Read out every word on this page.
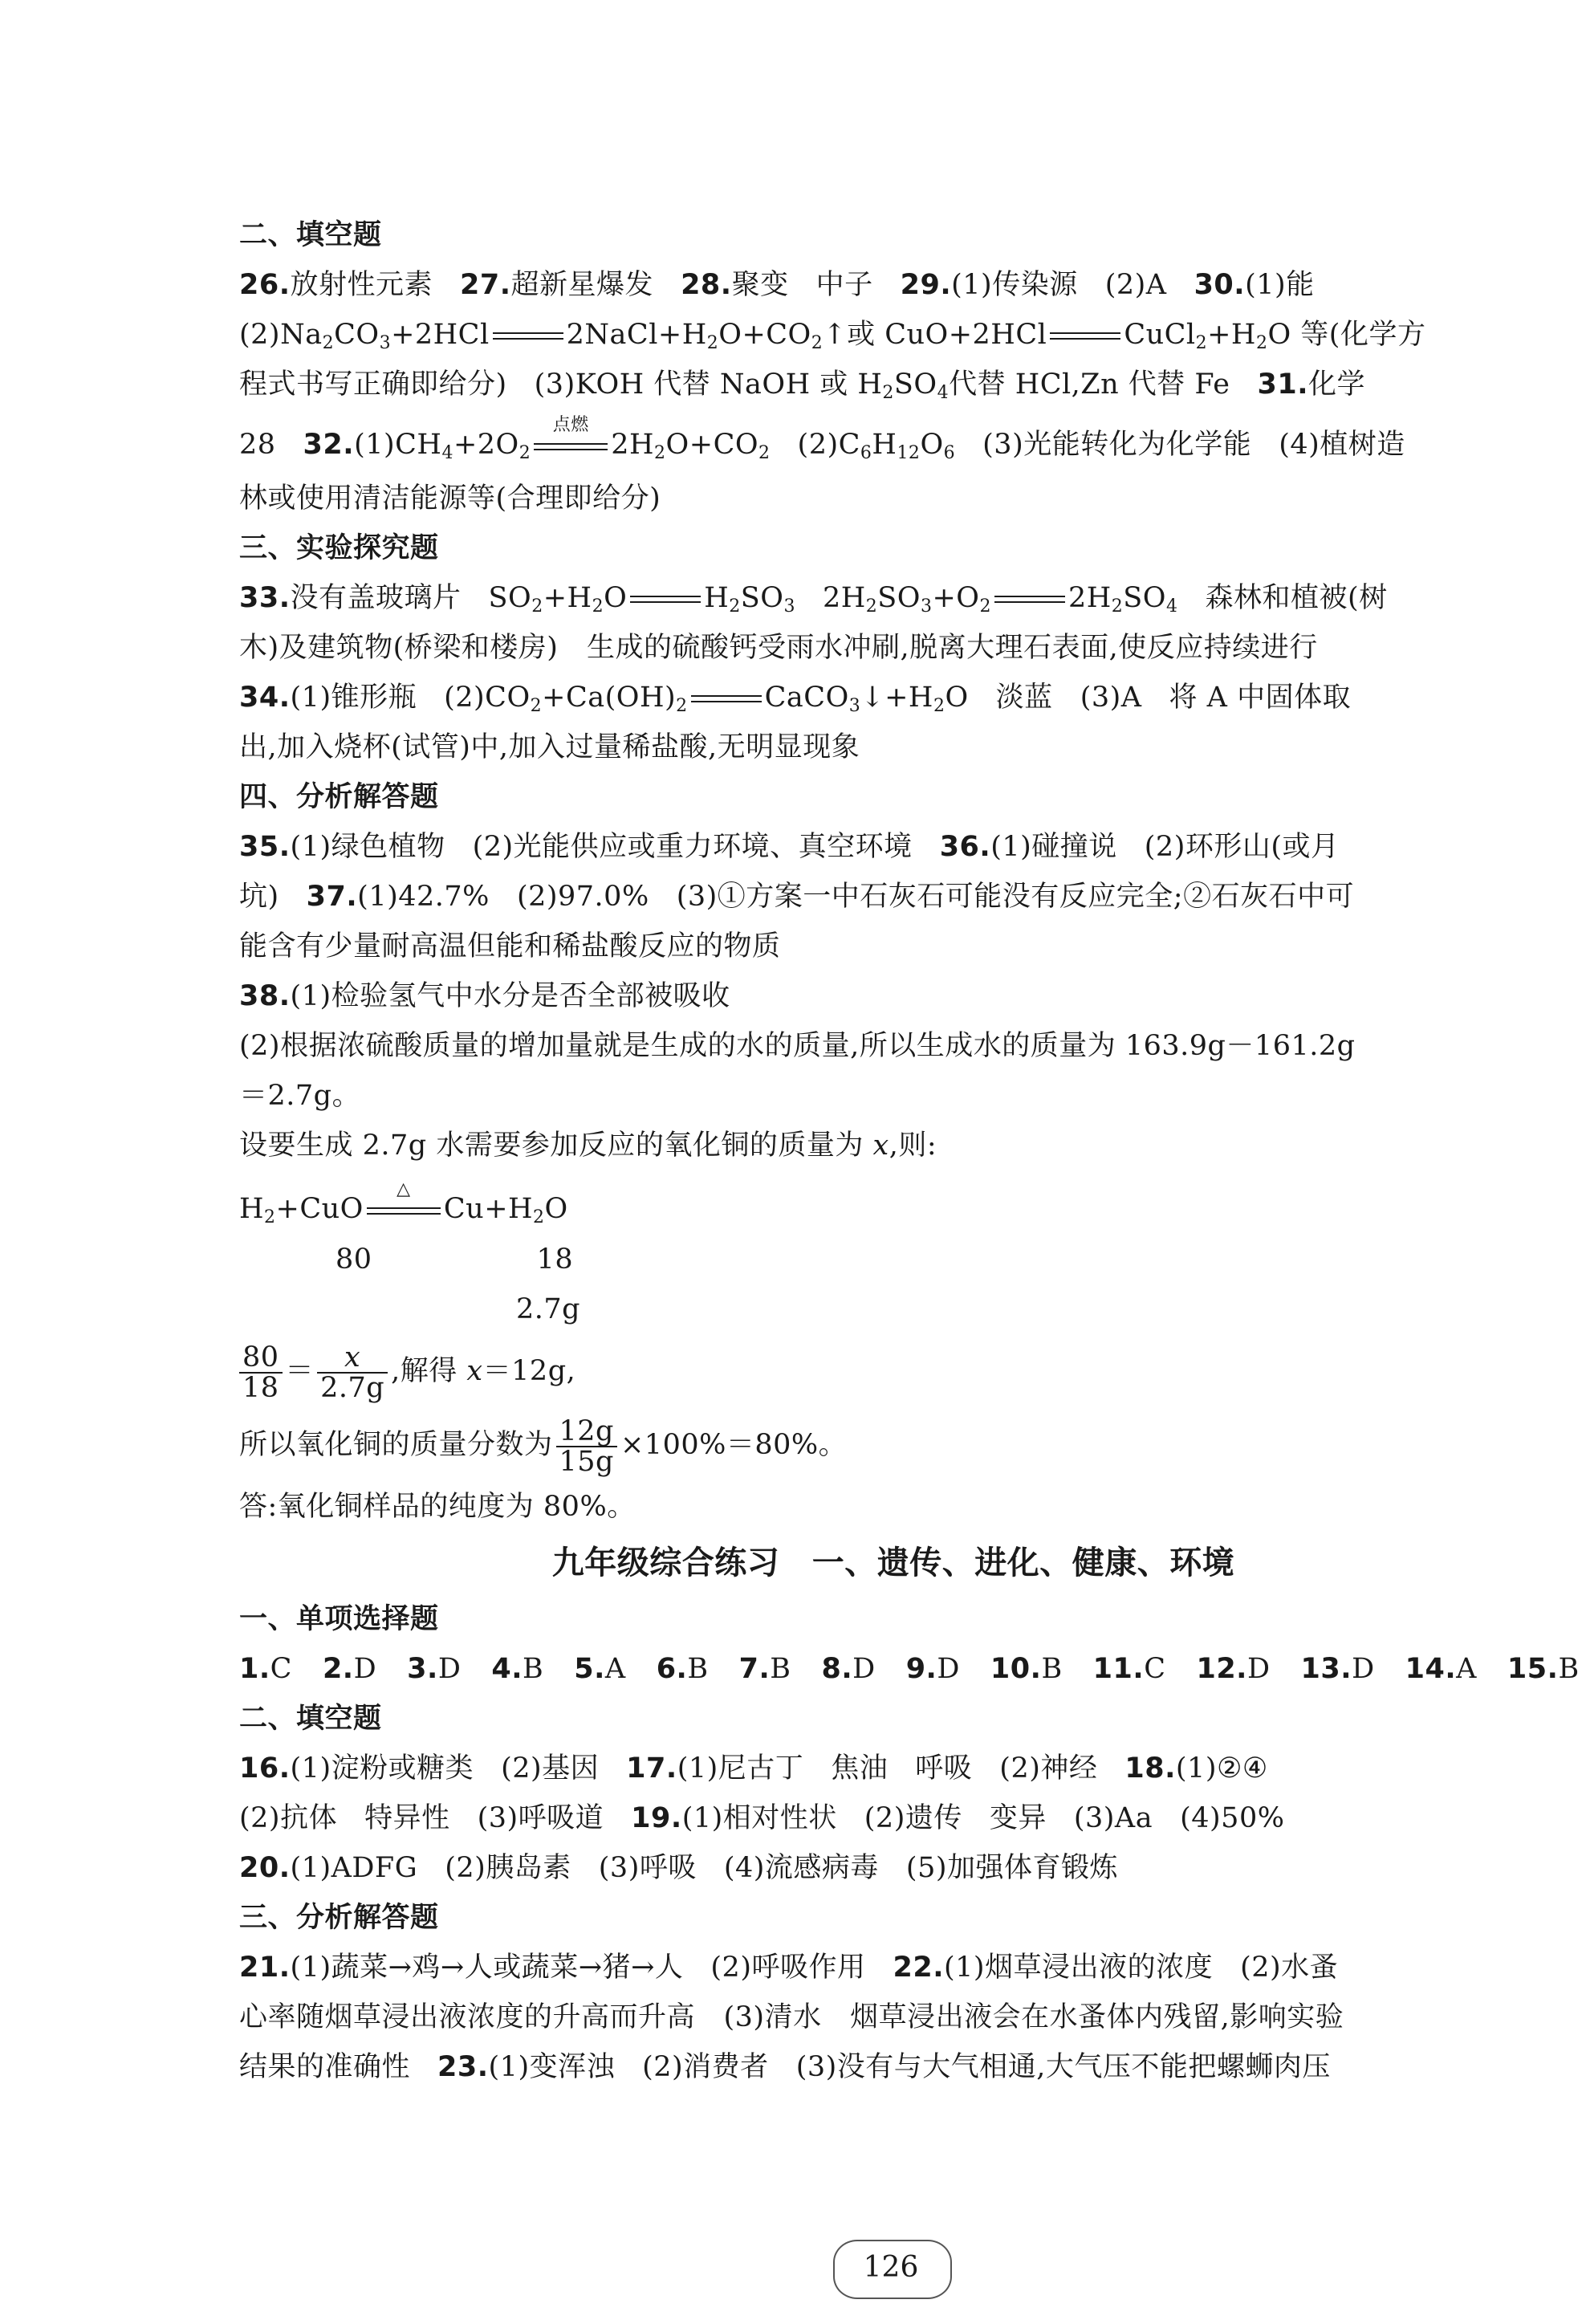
二、填空题
26.放射性元素 27.超新星爆发 28.聚变 中子 29.(1)传染源 (2)A 30.(1)能
$(2)Na_2CO_3+2HCl$	$2NaCl+H_2O+CO_2↑$或 CuO+2HCl	$CuCl_2+H_2O$ 等(化学方
程式书写正确即给分) (3)KOH 代替 NaOH 或 $H_2SO_4$代替 HCl,Zn 代替 Fe 31.化学
28 $32.(1)CH_4+2O_2$
点燃
$2H_2O+CO_2$ $(2)C_6H_{12}O_6$ (3)光能转化为化学能 (4)植树造
林或使用清洁能源等(合理即给分)
三、实验探究题
33.没有盖玻璃片 $SO_2+H_2O$	$H_2SO_3$ $2H_2SO_3+O_2$	$2H_2SO_4$ 森林和植被(树
木)及建筑物(桥梁和楼房)　生成的硫酸钙受雨水冲刷,脱离大理石表面,使反应持续进行
34.(1)锥形瓶 $(2)CO_2+Ca(OH)_2$	$CaCO_3↓+H_2O$ 淡蓝 (3)A 将 A 中固体取
出,加入烧杯(试管)中,加入过量稀盐酸,无明显现象
四、分析解答题
35.(1)绿色植物 (2)光能供应或重力环境、真空环境 36.(1)碰撞说 (2)环形山(或月
坑) 37.(1)42.7% (2)97.0% (3)①方案一中石灰石可能没有反应完全;②石灰石中可
能含有少量耐高温但能和稀盐酸反应的物质
38.(1)检验氢气中水分是否全部被吸收
(2)根据浓硫酸质量的增加量就是生成的水的质量,所以生成水的质量为 163.9g－161.2g
＝2.7g。
设要生成 2.7g 水需要参加反应的氧化铜的质量为 x,则:
$H_2+CuO$
△
$Cu+H_2O$
80	18
2.7g
$\frac{80}{18} = \frac{x}{2.7g}$ ,解得 x＝12g,
所以氧化铜的质量分数为 $\frac{12g}{15g} \times 100\%=80\%$。
答:氧化铜样品的纯度为 80%。
九年级综合练习　一、遗传、进化、健康、环境
一、单项选择题
1.C 2.D 3.D 4.B 5.A 6.B 7.B 8.D 9.D 10.B 11.C 12.D 13.D 14.A 15.B
二、填空题
16.(1)淀粉或糖类 (2)基因 17.(1)尼古丁 焦油 呼吸 (2)神经 18.(1)②④
(2)抗体 特异性 (3)呼吸道 19.(1)相对性状 (2)遗传 变异 (3)Aa (4)50%
20.(1)ADFG (2)胰岛素 (3)呼吸 (4)流感病毒 (5)加强体育锻炼
三、分析解答题
21.(1)蔬菜→鸡→人或蔬菜→猪→人 (2)呼吸作用 22.(1)烟草浸出液的浓度 (2)水蚤
心率随烟草浸出液浓度的升高而升高　(3)清水　烟草浸出液会在水蚤体内残留,影响实验
结果的准确性 23.(1)变浑浊 (2)消费者 (3)没有与大气相通,大气压不能把螺蛳肉压
126
